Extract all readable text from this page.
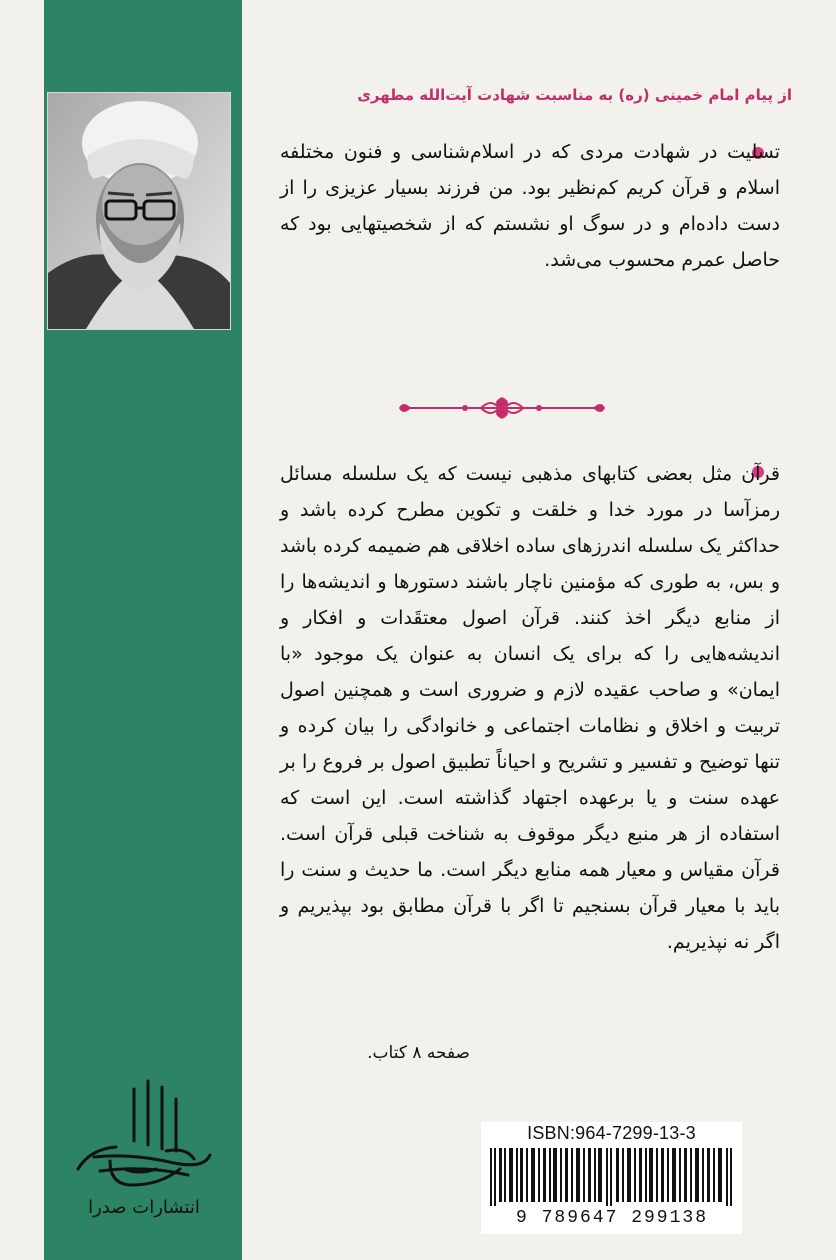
از پیام امام خمینی (ره) به مناسبت شهادت آیت‌الله مطهری
تسلیت در شهادت مردی که در اسلام‌شناسی و فنون مختلفه اسلام و قرآن کریم کم‌نظیر بود. من فرزند بسیار عزیزی را از دست داده‌ام و در سوگ او نشستم که از شخصیتهایی بود که حاصل عمرم محسوب می‌شد.
قرآن مثل بعضی کتابهای مذهبی نیست که یک سلسله مسائل رمزآسا در مورد خدا و خلقت و تکوین مطرح کرده باشد و حداکثر یک سلسله اندرزهای ساده اخلاقی هم ضمیمه کرده باشد و بس، به طوری که مؤمنین ناچار باشند دستورها و اندیشه‌ها را از منابع دیگر اخذ کنند. قرآن اصول معتقَدات و افکار و اندیشه‌هایی را که برای یک انسان به عنوان یک موجود «با ایمان» و صاحب عقیده لازم و ضروری است و همچنین اصول تربیت و اخلاق و نظامات اجتماعی و خانوادگی را بیان کرده و تنها توضیح و تفسیر و تشریح و احیاناً تطبیق اصول بر فروع را بر عهده سنت و یا برعهده اجتهاد گذاشته است. این است که استفاده از هر منبع دیگر موقوف به شناخت قبلی قرآن است. قرآن مقیاس و معیار همه منابع دیگر است. ما حدیث و سنت را باید با معیار قرآن بسنجیم تا اگر با قرآن مطابق بود بپذیریم و اگر نه نپذیریم.
صفحه ۸ کتاب.
انتشارات صدرا
ISBN:964-7299-13-3
9 789647 299138
